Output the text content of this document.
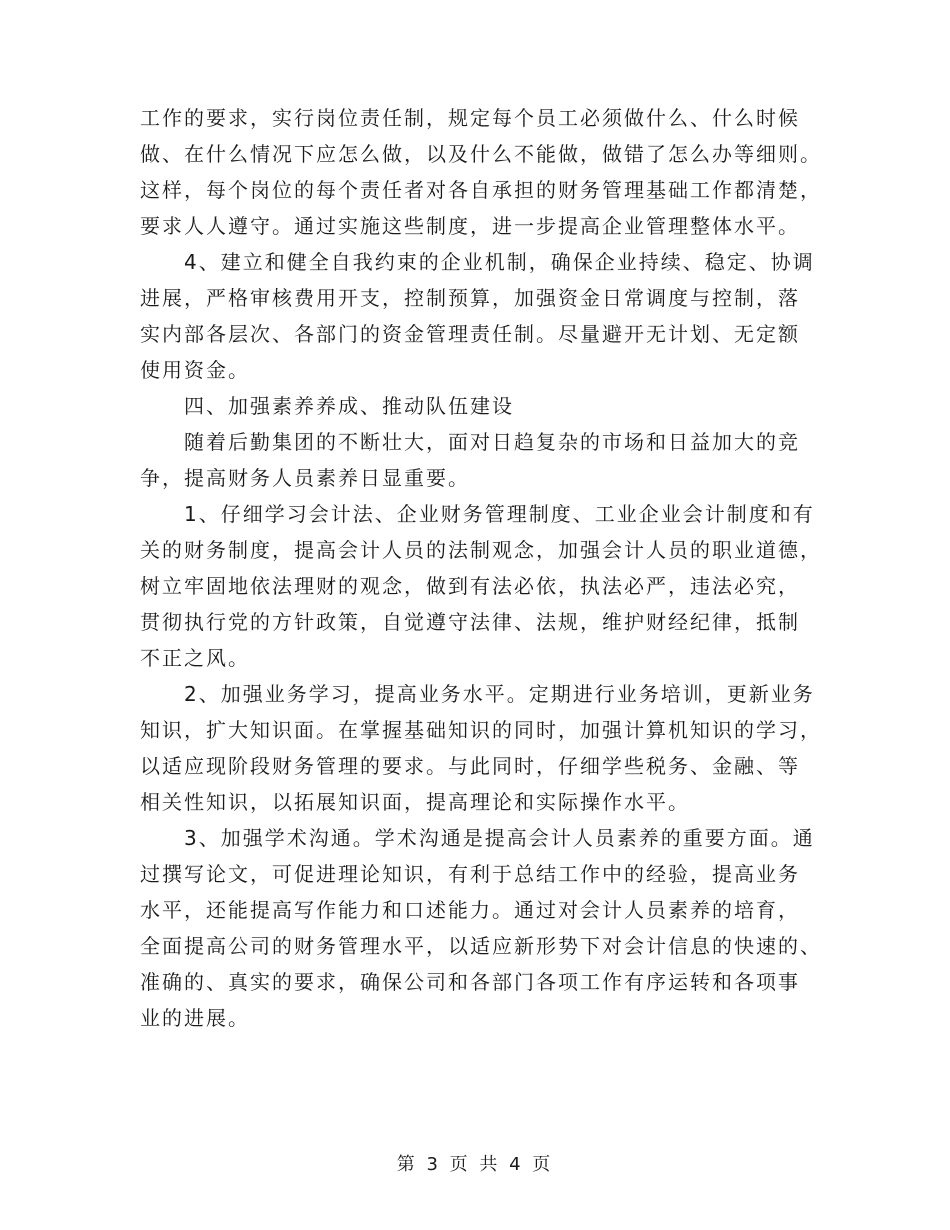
工作的要求，实行岗位责任制，规定每个员工必须做什么、什么时候
做、在什么情况下应怎么做，以及什么不能做，做错了怎么办等细则。
这样，每个岗位的每个责任者对各自承担的财务管理基础工作都清楚，
要求人人遵守。通过实施这些制度，进一步提高企业管理整体水平。
4、建立和健全自我约束的企业机制，确保企业持续、稳定、协调
进展，严格审核费用开支，控制预算，加强资金日常调度与控制，落
实内部各层次、各部门的资金管理责任制。尽量避开无计划、无定额
使用资金。
四、加强素养养成、推动队伍建设
随着后勤集团的不断壮大，面对日趋复杂的市场和日益加大的竞
争，提高财务人员素养日显重要。
1、仔细学习会计法、企业财务管理制度、工业企业会计制度和有
关的财务制度，提高会计人员的法制观念，加强会计人员的职业道德，
树立牢固地依法理财的观念，做到有法必依，执法必严，违法必究，
贯彻执行党的方针政策，自觉遵守法律、法规，维护财经纪律，抵制
不正之风。
2、加强业务学习，提高业务水平。定期进行业务培训，更新业务
知识，扩大知识面。在掌握基础知识的同时，加强计算机知识的学习，
以适应现阶段财务管理的要求。与此同时，仔细学些税务、金融、等
相关性知识，以拓展知识面，提高理论和实际操作水平。
3、加强学术沟通。学术沟通是提高会计人员素养的重要方面。通
过撰写论文，可促进理论知识，有利于总结工作中的经验，提高业务
水平，还能提高写作能力和口述能力。通过对会计人员素养的培育，
全面提高公司的财务管理水平，以适应新形势下对会计信息的快速的、
准确的、真实的要求，确保公司和各部门各项工作有序运转和各项事
业的进展。
第 3 页 共 4 页
